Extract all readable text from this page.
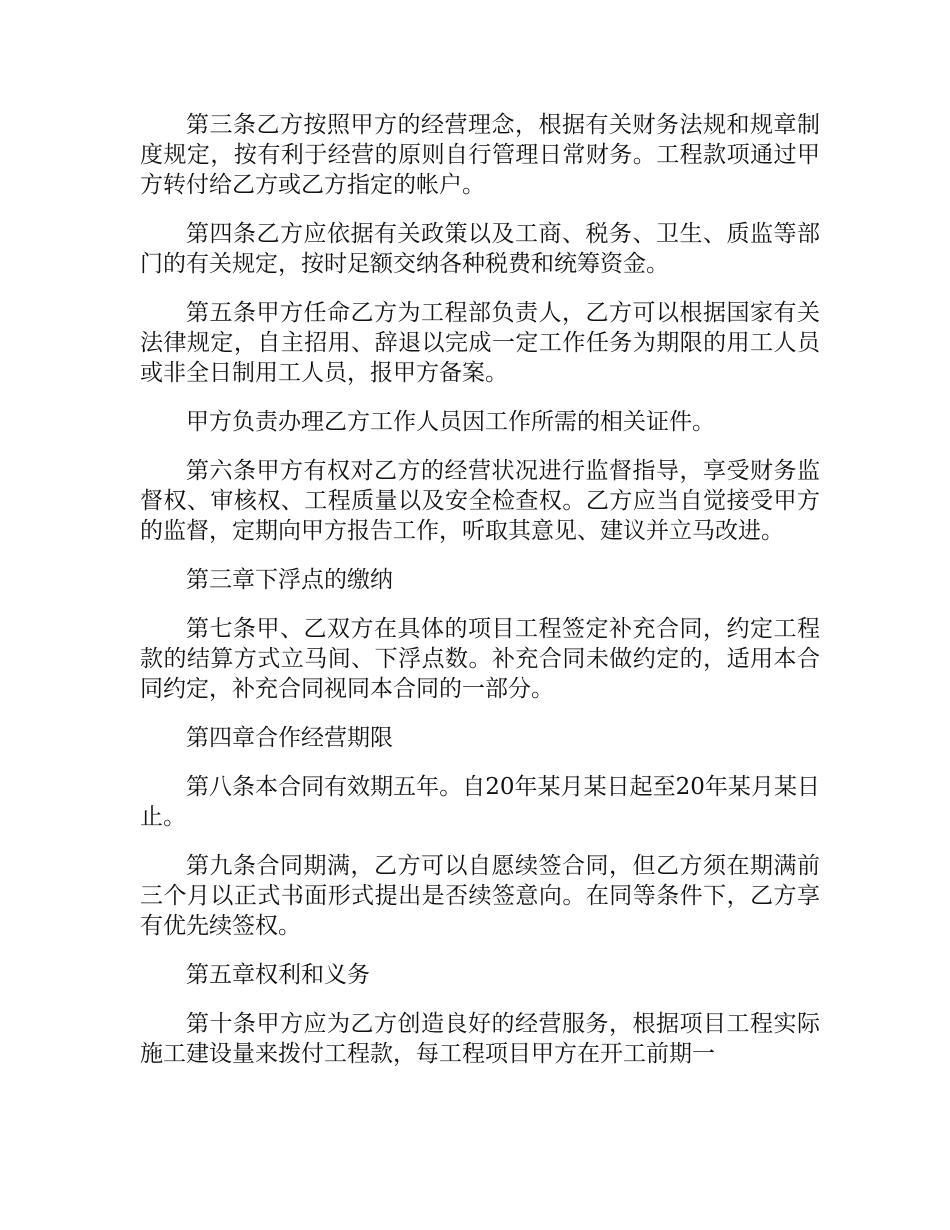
第三条乙方按照甲方的经营理念，根据有关财务法规和规章制度规定，按有利于经营的原则自行管理日常财务。工程款项通过甲方转付给乙方或乙方指定的帐户。

第四条乙方应依据有关政策以及工商、税务、卫生、质监等部门的有关规定，按时足额交纳各种税费和统筹资金。

第五条甲方任命乙方为工程部负责人，乙方可以根据国家有关法律规定，自主招用、辞退以完成一定工作任务为期限的用工人员或非全日制用工人员，报甲方备案。

甲方负责办理乙方工作人员因工作所需的相关证件。

第六条甲方有权对乙方的经营状况进行监督指导，享受财务监督权、审核权、工程质量以及安全检查权。乙方应当自觉接受甲方的监督，定期向甲方报告工作，听取其意见、建议并立马改进。

第三章下浮点的缴纳

第七条甲、乙双方在具体的项目工程签定补充合同，约定工程款的结算方式立马间、下浮点数。补充合同未做约定的，适用本合同约定，补充合同视同本合同的一部分。

第四章合作经营期限

第八条本合同有效期五年。自20年某月某日起至20年某月某日止。

第九条合同期满，乙方可以自愿续签合同，但乙方须在期满前三个月以正式书面形式提出是否续签意向。在同等条件下，乙方享有优先续签权。

第五章权利和义务

第十条甲方应为乙方创造良好的经营服务，根据项目工程实际施工建设量来拨付工程款，每工程项目甲方在开工前期一
